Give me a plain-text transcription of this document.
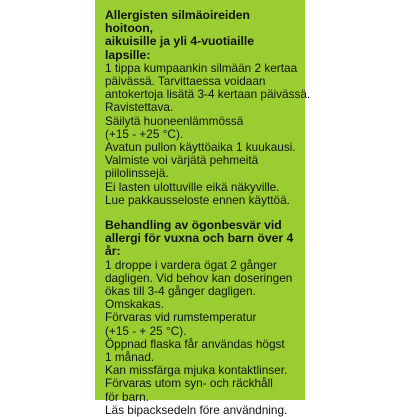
Allergisten silmäoireiden hoitoon,

aikuisille ja yli 4-vuotiaille lapsille:

1 tippa kumpaankin silmään 2 kertaa

päivässä. Tarvittaessa voidaan

antokertoja lisätä 3-4 kertaan päivässä.

Ravistettava.

Säilytä huoneenlämmössä

(+15 - +25 °C).

Avatun pullon käyttöaika 1 kuukausi.

Valmiste voi värjätä pehmeitä

piilolinssejä.

Ei lasten ulottuville eikä näkyville.

Lue pakkausseloste ennen käyttöä.

Behandling av ögonbesvär vid

allergi för vuxna och barn över 4 år:

1 droppe i vardera ögat 2 gånger

dagligen. Vid behov kan doseringen

ökas till 3-4 gånger dagligen.

Omskakas.

Förvaras vid rumstemperatur

(+15 - + 25 °C).

Öppnad flaska får användas högst

1 månad.

Kan missfärga mjuka kontaktlinser.

Förvaras utom syn- och räckhåll

för barn.

Läs bipacksedeln före användning.
